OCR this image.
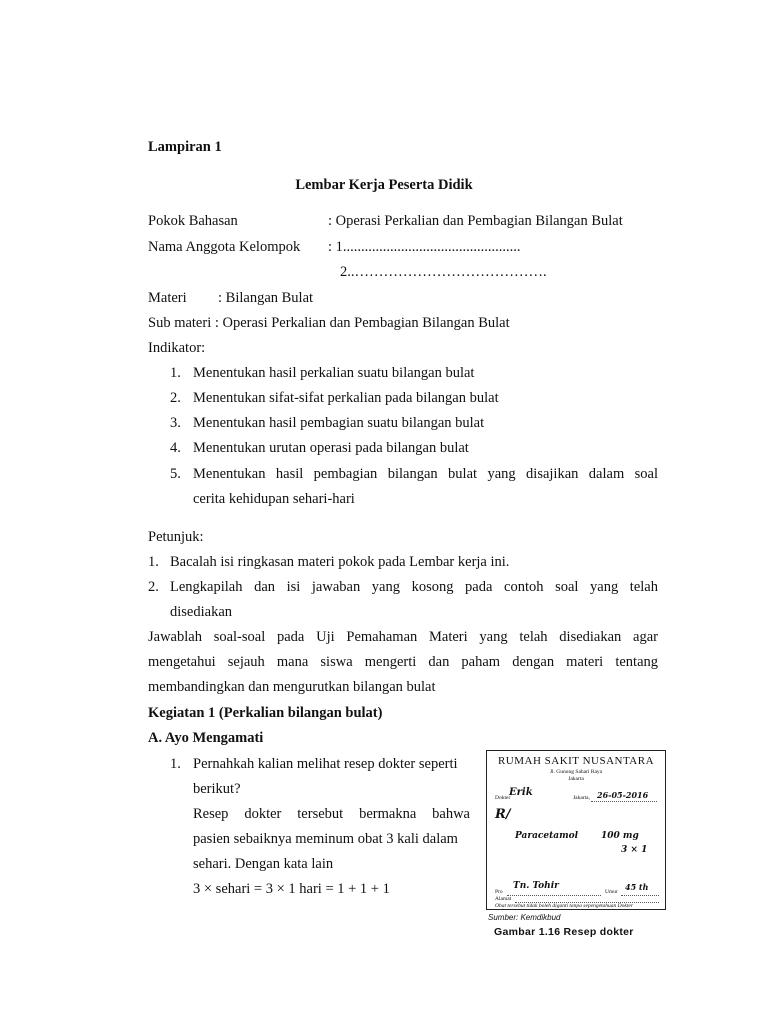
Lampiran 1
Lembar Kerja Peserta Didik
Pokok Bahasan	: Operasi Perkalian dan Pembagian Bilangan Bulat
Nama Anggota Kelompok : 1.................................................
2..………………………………….
Materi : Bilangan Bulat
Sub materi : Operasi Perkalian dan Pembagian Bilangan Bulat
Indikator:
1. Menentukan hasil perkalian suatu bilangan bulat
2. Menentukan sifat-sifat perkalian pada bilangan bulat
3. Menentukan hasil pembagian suatu bilangan bulat
4. Menentukan urutan operasi pada bilangan bulat
5. Menentukan hasil pembagian bilangan bulat yang disajikan dalam soal
cerita kehidupan sehari-hari
Petunjuk:
1. Bacalah isi ringkasan materi pokok pada Lembar kerja ini.
2. Lengkapilah dan isi jawaban yang kosong pada contoh soal yang telah
disediakan
Jawablah soal-soal pada Uji Pemahaman Materi yang telah disediakan agar
mengetahui sejauh mana siswa mengerti dan paham dengan materi tentang
membandingkan dan mengurutkan bilangan bulat
Kegiatan 1 (Perkalian bilangan bulat)
A. Ayo Mengamati
1. Pernahkah kalian melihat resep dokter seperti
berikut?
Resep dokter tersebut bermakna bahwa
pasien sebaiknya meminum obat 3 kali dalam
sehari. Dengan kata lain
3 × sehari = 3 × 1 hari = 1 + 1 + 1
RUMAH SAKIT NUSANTARA
Jl. Gunung Sahari Raya
Jakarta
Dokter
Erik	Jakarta, 26-05-2016
R/
Paracetamol	100 mg
3 × 1
Pro
Tn. Tohir
Umur 45 th
Alamat
Obat tersebut tidak boleh diganti tanpa sepengetahuan Dokter
Sumber: Kemdikbud
Gambar 1.16 Resep dokter
